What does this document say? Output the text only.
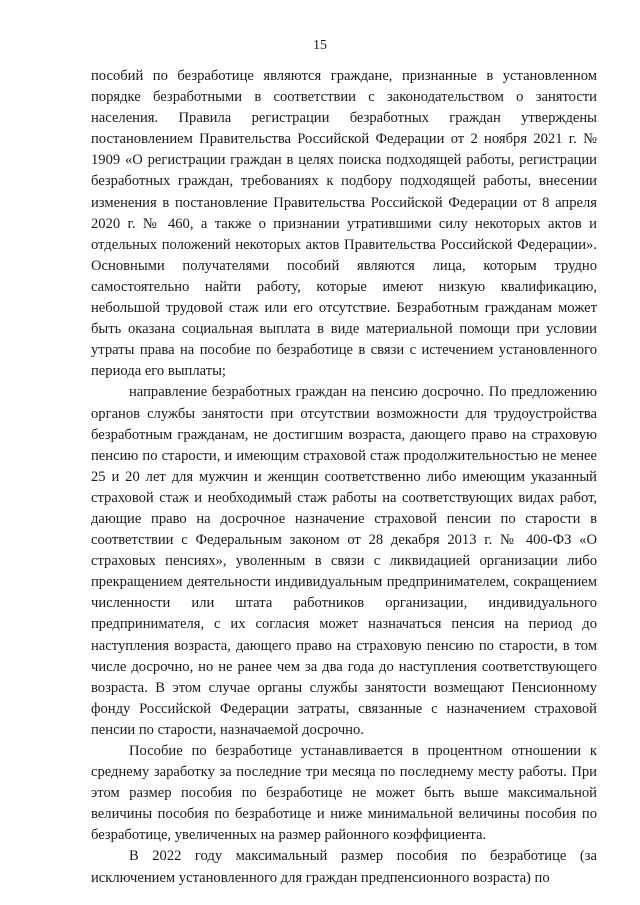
15

пособий по безработице являются граждане, признанные в установленном порядке безработными в соответствии с законодательством о занятости населения. Правила регистрации безработных граждан утверждены постановлением Правительства Российской Федерации от 2 ноября 2021 г. № 1909 «О регистрации граждан в целях поиска подходящей работы, регистрации безработных граждан, требованиях к подбору подходящей работы, внесении изменения в постановление Правительства Российской Федерации от 8 апреля 2020 г. № 460, а также о признании утратившими силу некоторых актов и отдельных положений некоторых актов Правительства Российской Федерации». Основными получателями пособий являются лица, которым трудно самостоятельно найти работу, которые имеют низкую квалификацию, небольшой трудовой стаж или его отсутствие. Безработным гражданам может быть оказана социальная выплата в виде материальной помощи при условии утраты права на пособие по безработице в связи с истечением установленного периода его выплаты;

направление безработных граждан на пенсию досрочно. По предложению органов службы занятости при отсутствии возможности для трудоустройства безработным гражданам, не достигшим возраста, дающего право на страховую пенсию по старости, и имеющим страховой стаж продолжительностью не менее 25 и 20 лет для мужчин и женщин соответственно либо имеющим указанный страховой стаж и необходимый стаж работы на соответствующих видах работ, дающие право на досрочное назначение страховой пенсии по старости в соответствии с Федеральным законом от 28 декабря 2013 г. № 400-ФЗ «О страховых пенсиях», уволенным в связи с ликвидацией организации либо прекращением деятельности индивидуальным предпринимателем, сокращением численности или штата работников организации, индивидуального предпринимателя, с их согласия может назначаться пенсия на период до наступления возраста, дающего право на страховую пенсию по старости, в том числе досрочно, но не ранее чем за два года до наступления соответствующего возраста. В этом случае органы службы занятости возмещают Пенсионному фонду Российской Федерации затраты, связанные с назначением страховой пенсии по старости, назначаемой досрочно.

Пособие по безработице устанавливается в процентном отношении к среднему заработку за последние три месяца по последнему месту работы. При этом размер пособия по безработице не может быть выше максимальной величины пособия по безработице и ниже минимальной величины пособия по безработице, увеличенных на размер районного коэффициента.

В 2022 году максимальный размер пособия по безработице (за исключением установленного для граждан предпенсионного возраста) по
